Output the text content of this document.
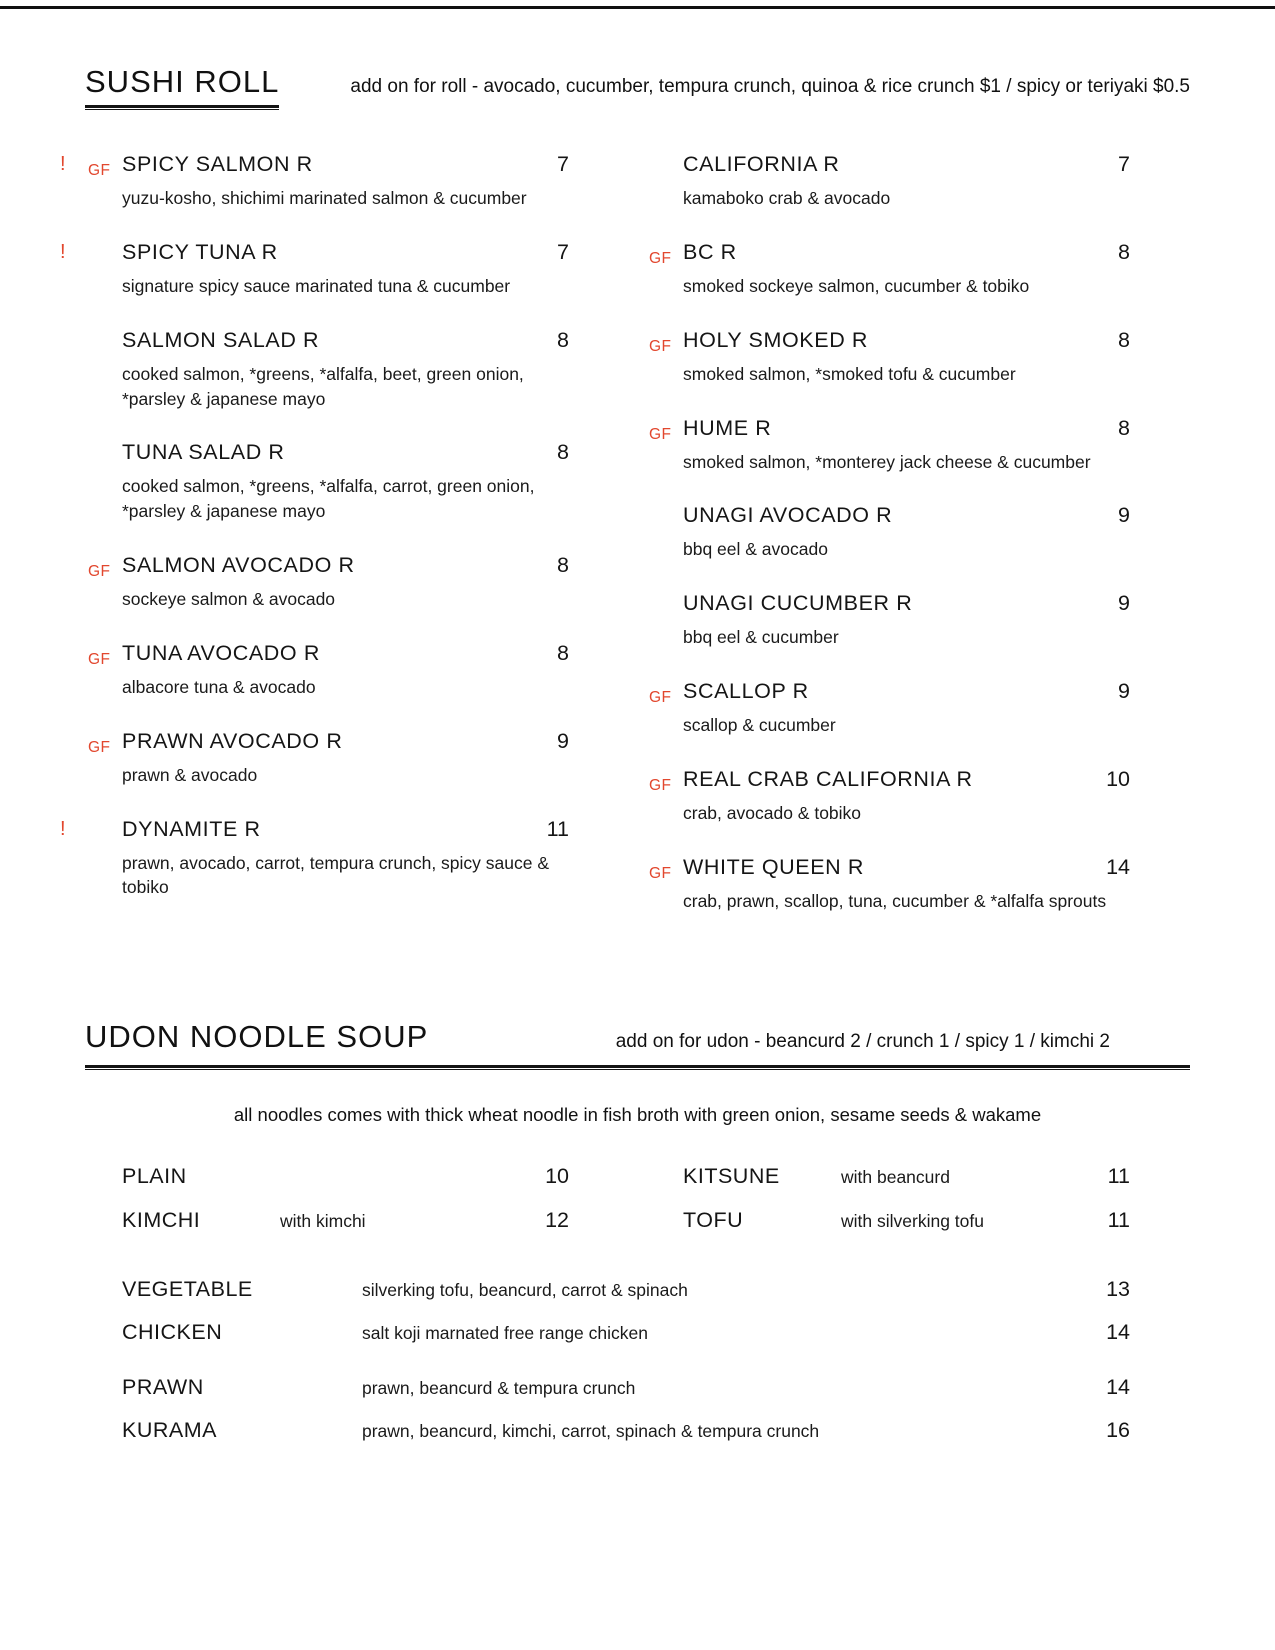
SUSHI ROLL	add on for roll - avocado, cucumber, tempura crunch, quinoa & rice crunch $1 / spicy or teriyaki $0.5
! GF SPICY SALMON R	7
yuzu-kosho, shichimi marinated salmon & cucumber
!	SPICY TUNA R	7
signature spicy sauce marinated tuna & cucumber
SALMON SALAD R	8
cooked salmon, *greens, *alfalfa, beet, green onion, *parsley & japanese mayo
TUNA SALAD R	8
cooked salmon, *greens, *alfalfa, carrot, green onion, *parsley & japanese mayo
GF SALMON AVOCADO R	8
sockeye salmon & avocado
GF TUNA AVOCADO R	8
albacore tuna & avocado
GF PRAWN AVOCADO R	9
prawn & avocado
!	DYNAMITE R	11
prawn, avocado, carrot, tempura crunch, spicy sauce & tobiko
CALIFORNIA R	7
kamaboko crab & avocado
GF BC R	8
smoked sockeye salmon, cucumber & tobiko
GF HOLY SMOKED R	8
smoked salmon, *smoked tofu & cucumber
GF HUME R	8
smoked salmon, *monterey jack cheese & cucumber
UNAGI AVOCADO R	9
bbq eel & avocado
UNAGI CUCUMBER R	9
bbq eel & cucumber
GF SCALLOP R	9
scallop & cucumber
GF REAL CRAB CALIFORNIA R	10
crab, avocado & tobiko
GF WHITE QUEEN R	14
crab, prawn, scallop, tuna, cucumber & *alfalfa sprouts
UDON NOODLE SOUP	add on for udon - beancurd 2 / crunch 1 / spicy 1 / kimchi 2
all noodles comes with thick wheat noodle in fish broth with green onion, sesame seeds & wakame
PLAIN	10	KITSUNE	with beancurd	11
KIMCHI	with kimchi	12	TOFU	with silverking tofu	11
VEGETABLE	silverking tofu, beancurd, carrot & spinach	13
CHICKEN	salt koji marnated free range chicken	14
PRAWN	prawn, beancurd & tempura crunch	14
KURAMA	prawn, beancurd, kimchi, carrot, spinach & tempura crunch	16
